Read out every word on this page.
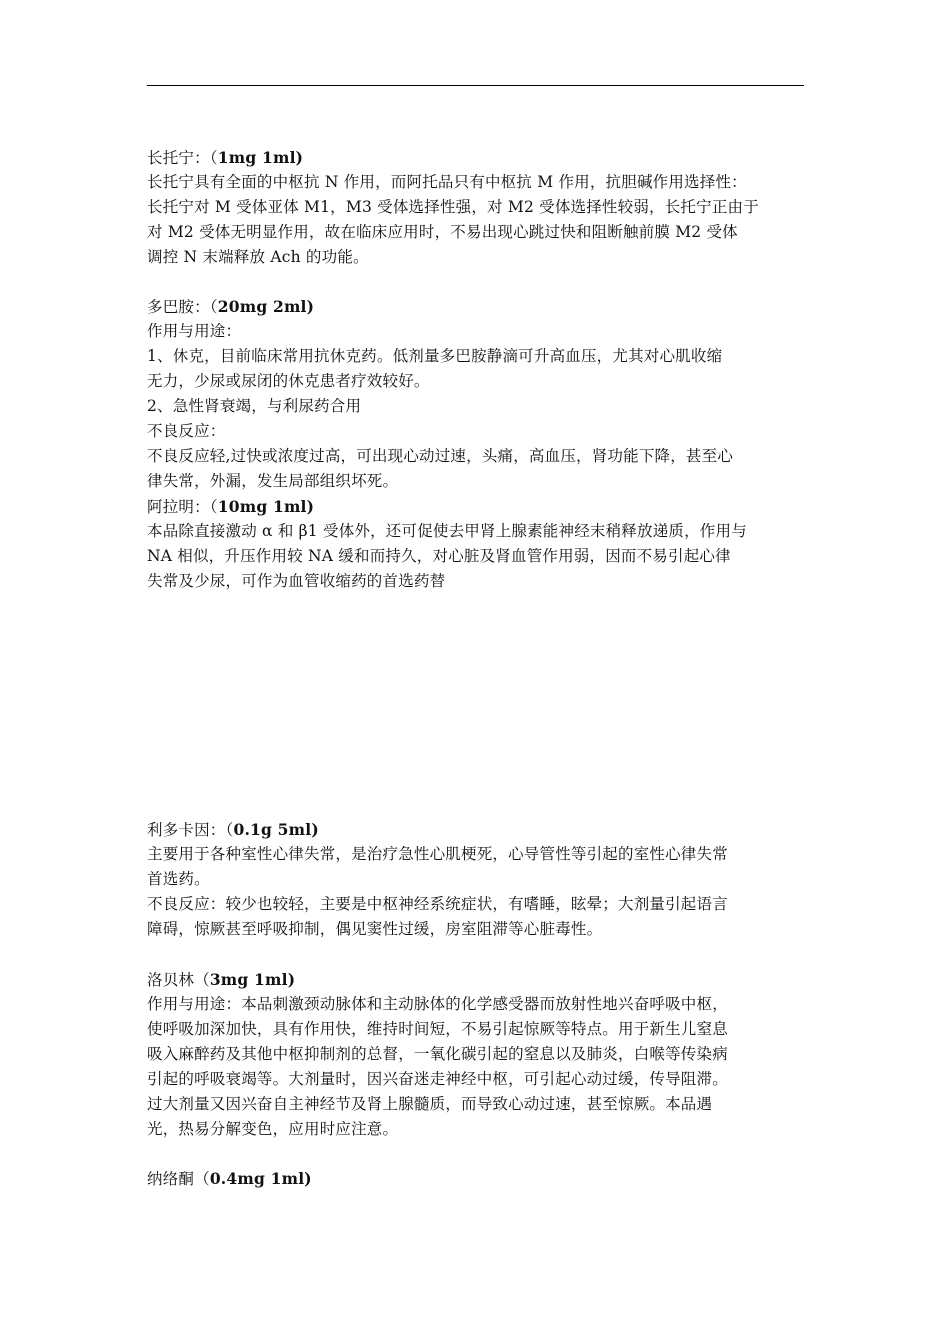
长托宁：（1mg 1ml)
长托宁具有全面的中枢抗 N 作用，而阿托品只有中枢抗 M 作用，抗胆碱作用选择性：
长托宁对 M 受体亚体 M1，M3 受体选择性强，对 M2 受体选择性较弱，长托宁正由于
对 M2 受体无明显作用，故在临床应用时，不易出现心跳过快和阻断触前膜 M2 受体
调控 N 末端释放 Ach 的功能。
多巴胺：（20mg 2ml)
作用与用途：
1、休克，目前临床常用抗休克药。低剂量多巴胺静滴可升高血压，尤其对心肌收缩
无力，少尿或尿闭的休克患者疗效较好。
2、急性肾衰竭，与利尿药合用
不良反应：
不良反应轻,过快或浓度过高，可出现心动过速，头痛，高血压，肾功能下降，甚至心
律失常，外漏，发生局部组织坏死。
阿拉明：（10mg 1ml)
本品除直接激动 α 和 β1 受体外，还可促使去甲肾上腺素能神经末稍释放递质，作用与
NA 相似，升压作用较 NA 缓和而持久，对心脏及肾血管作用弱，因而不易引起心律
失常及少尿，可作为血管收缩药的首选药替
利多卡因：（0.1g 5ml)
主要用于各种室性心律失常，是治疗急性心肌梗死，心导管性等引起的室性心律失常
首选药。
不良反应：较少也较轻，主要是中枢神经系统症状，有嗜睡，眩晕；大剂量引起语言
障碍，惊厥甚至呼吸抑制，偶见窦性过缓，房室阻滞等心脏毒性。
洛贝林（3mg 1ml)
作用与用途：本品刺激颈动脉体和主动脉体的化学感受器而放射性地兴奋呼吸中枢，
使呼吸加深加快，具有作用快，维持时间短，不易引起惊厥等特点。用于新生儿窒息
吸入麻醉药及其他中枢抑制剂的总督，一氧化碳引起的窒息以及肺炎，白喉等传染病
引起的呼吸衰竭等。大剂量时，因兴奋迷走神经中枢，可引起心动过缓，传导阻滞。
过大剂量又因兴奋自主神经节及肾上腺髓质，而导致心动过速，甚至惊厥。本品遇
光，热易分解变色，应用时应注意。
纳络酮（0.4mg 1ml)
